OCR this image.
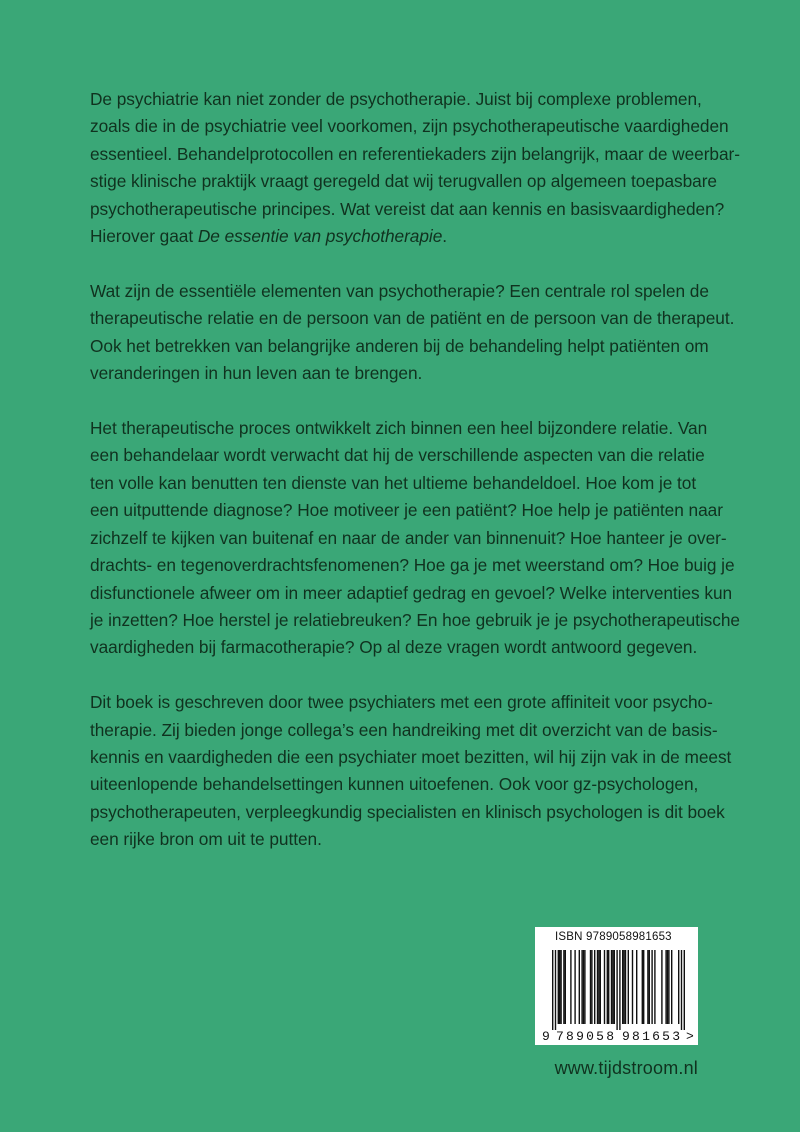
De psychiatrie kan niet zonder de psychotherapie. Juist bij complexe problemen,
zoals die in de psychiatrie veel voorkomen, zijn psychotherapeutische vaardigheden
essentieel. Behandelprotocollen en referentiekaders zijn belangrijk, maar de weerbar-
stige klinische praktijk vraagt geregeld dat wij terugvallen op algemeen toepasbare
psychotherapeutische principes. Wat vereist dat aan kennis en basisvaardigheden?
Hierover gaat De essentie van psychotherapie.

Wat zijn de essentiële elementen van psychotherapie? Een centrale rol spelen de
therapeutische relatie en de persoon van de patiënt en de persoon van de therapeut.
Ook het betrekken van belangrijke anderen bij de behandeling helpt patiënten om
veranderingen in hun leven aan te brengen.

Het therapeutische proces ontwikkelt zich binnen een heel bijzondere relatie. Van
een behandelaar wordt verwacht dat hij de verschillende aspecten van die relatie
ten volle kan benutten ten dienste van het ultieme behandeldoel. Hoe kom je tot
een uitputtende diagnose? Hoe motiveer je een patiënt? Hoe help je patiënten naar
zichzelf te kijken van buitenaf en naar de ander van binnenuit? Hoe hanteer je over-
drachts- en tegenoverdrachtsfenomenen? Hoe ga je met weerstand om? Hoe buig je
disfunctionele afweer om in meer adaptief gedrag en gevoel? Welke interventies kun
je inzetten? Hoe herstel je relatiebreuken? En hoe gebruik je je psychotherapeutische
vaardigheden bij farmacotherapie? Op al deze vragen wordt antwoord gegeven.

Dit boek is geschreven door twee psychiaters met een grote affiniteit voor psycho-
therapie. Zij bieden jonge collega’s een handreiking met dit overzicht van de basis-
kennis en vaardigheden die een psychiater moet bezitten, wil hij zijn vak in de meest
uiteenlopende behandelsettingen kunnen uitoefenen. Ook voor gz-psychologen,
psychotherapeuten, verpleegkundig specialisten en klinisch psychologen is dit boek
een rijke bron om uit te putten.

ISBN 9789058981653
9 789058 981653 >
www.tijdstroom.nl
